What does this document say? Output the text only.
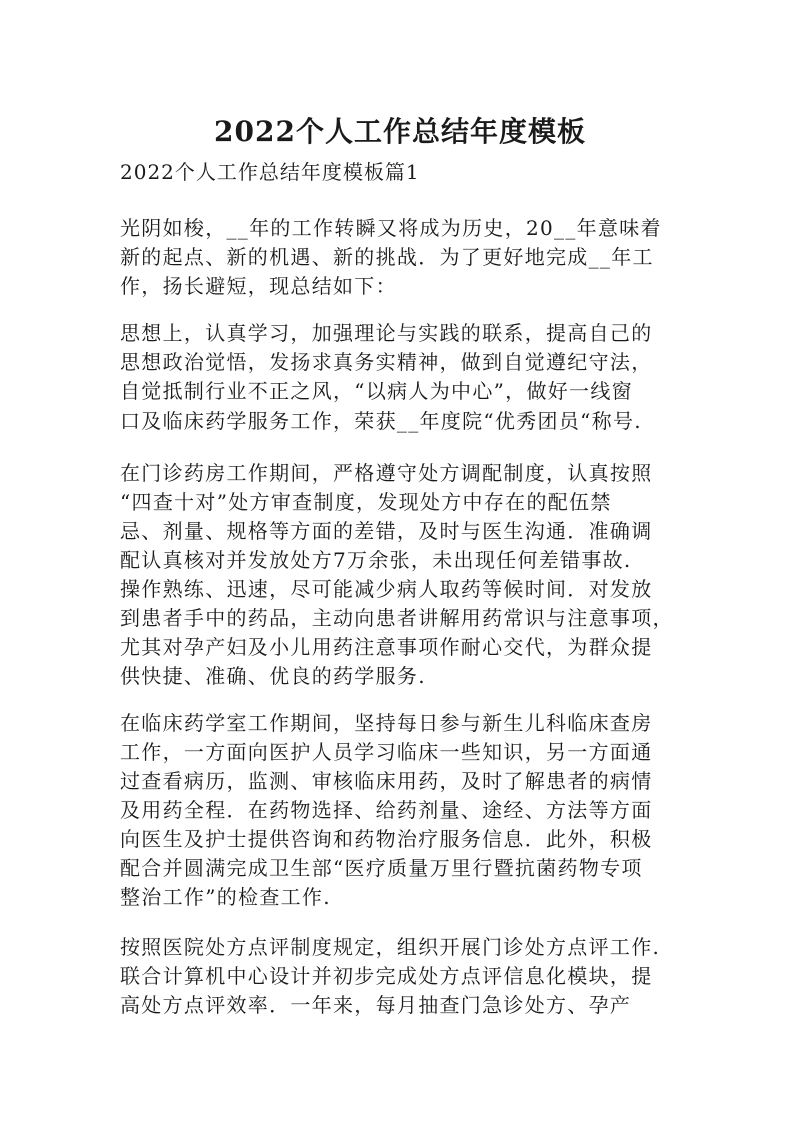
2022个人工作总结年度模板
2022个人工作总结年度模板篇1
光阴如梭，__年的工作转瞬又将成为历史，20__年意味着
新的起点、新的机遇、新的挑战．为了更好地完成__年工
作，扬长避短，现总结如下：
思想上，认真学习，加强理论与实践的联系，提高自己的
思想政治觉悟，发扬求真务实精神，做到自觉遵纪守法，
自觉抵制行业不正之风，“以病人为中心”，做好一线窗
口及临床药学服务工作，荣获__年度院“优秀团员“称号.
在门诊药房工作期间，严格遵守处方调配制度，认真按照
“四查十对”处方审查制度，发现处方中存在的配伍禁
忌、剂量、规格等方面的差错，及时与医生沟通．准确调
配认真核对并发放处方7万余张，未出现任何差错事故.
操作熟练、迅速，尽可能减少病人取药等候时间．对发放
到患者手中的药品，主动向患者讲解用药常识与注意事项，
尤其对孕产妇及小儿用药注意事项作耐心交代，为群众提
供快捷、准确、优良的药学服务.
在临床药学室工作期间，坚持每日参与新生儿科临床查房
工作，一方面向医护人员学习临床一些知识，另一方面通
过查看病历，监测、审核临床用药，及时了解患者的病情
及用药全程．在药物选择、给药剂量、途经、方法等方面
向医生及护士提供咨询和药物治疗服务信息．此外，积极
配合并圆满完成卫生部“医疗质量万里行暨抗菌药物专项
整治工作”的检查工作.
按照医院处方点评制度规定，组织开展门诊处方点评工作.
联合计算机中心设计并初步完成处方点评信息化模块，提
高处方点评效率．一年来，每月抽查门急诊处方、孕产
